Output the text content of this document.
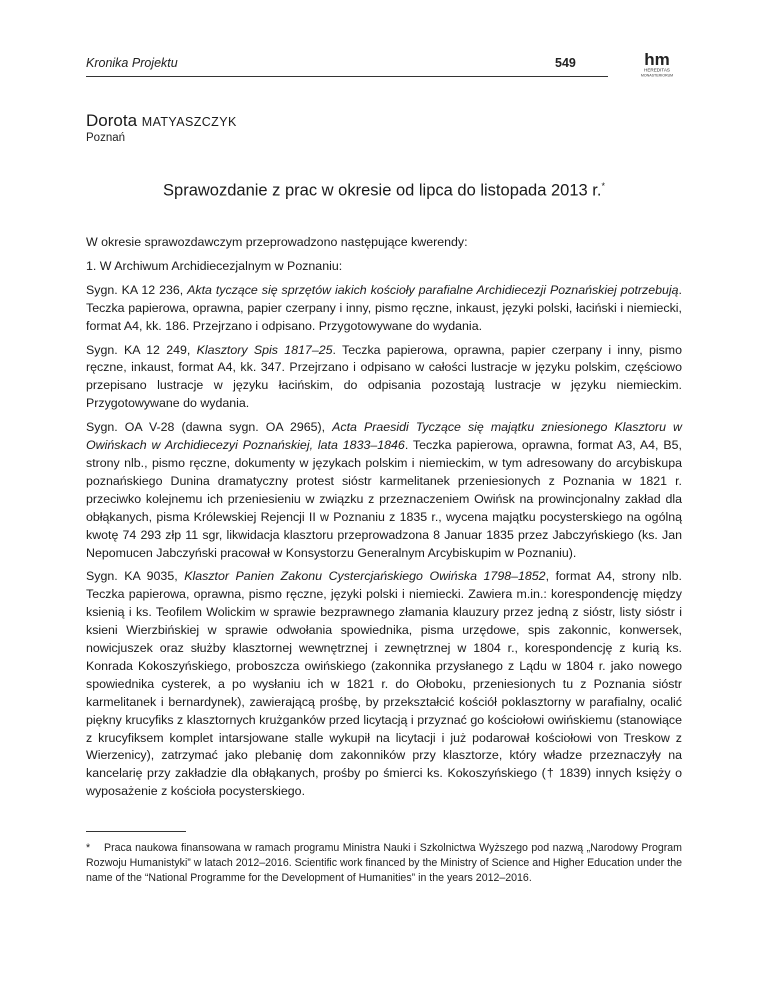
Kronika Projektu	549	hm
HEREDITAS
MONASTERIORUM
Dorota MATYASZCZYK
Poznań
Sprawozdanie z prac w okresie od lipca do listopada 2013 r.*

W okresie sprawozdawczym przeprowadzono następujące kwerendy:

1. W Archiwum Archidiecezjalnym w Poznaniu:

Sygn. KA 12 236, Akta tyczące się sprzętów iakich kościoły parafialne Archidiecezji Poznańskiej potrzebują. Teczka papierowa, oprawna, papier czerpany i inny, pismo ręczne, inkaust, języki polski, łaciński i niemiecki, format A4, kk. 186. Przejrzano i odpisano. Przygotowywane do wydania.

Sygn. KA 12 249, Klasztory Spis 1817–25. Teczka papierowa, oprawna, papier czerpany i inny, pismo ręczne, inkaust, format A4, kk. 347. Przejrzano i odpisano w całości lustracje w języku polskim, częściowo przepisano lustracje w języku łacińskim, do odpisania pozostają lustracje w języku niemieckim. Przygotowywane do wydania.

Sygn. OA V-28 (dawna sygn. OA 2965), Acta Praesidi Tyczące się majątku zniesionego Klasztoru w Owińskach w Archidiecezyi Poznańskiej, lata 1833–1846. Teczka papierowa, oprawna, format A3, A4, B5, strony nlb., pismo ręczne, dokumenty w językach polskim i niemieckim, w tym adresowany do arcybiskupa poznańskiego Dunina dramatyczny protest sióstr karmelitanek przeniesionych z Poznania w 1821 r. przeciwko kolejnemu ich przeniesieniu w związku z przeznaczeniem Owińsk na prowincjonalny zakład dla obłąkanych, pisma Królewskiej Rejencji II w Poznaniu z 1835 r., wycena majątku pocysterskiego na ogólną kwotę 74 293 złp 11 sgr, likwidacja klasztoru przeprowadzona 8 Januar 1835 przez Jabczyńskiego (ks. Jan Nepomucen Jabczyński pracował w Konsystorzu Generalnym Arcybiskupim w Poznaniu).

Sygn. KA 9035, Klasztor Panien Zakonu Cystercjańskiego Owińska 1798–1852, format A4, strony nlb. Teczka papierowa, oprawna, pismo ręczne, języki polski i niemiecki. Zawiera m.in.: korespondencję między ksienią i ks. Teofilem Wolickim w sprawie bezprawnego złamania klauzury przez jedną z sióstr, listy sióstr i ksieni Wierzbińskiej w sprawie odwołania spowiednika, pisma urzędowe, spis zakonnic, konwersek, nowicjuszek oraz służby klasztornej wewnętrznej i zewnętrznej w 1804 r., korespondencję z kurią ks. Konrada Kokoszyńskiego, proboszcza owińskiego (zakonnika przysłanego z Lądu w 1804 r. jako nowego spowiednika cysterek, a po wysłaniu ich w 1821 r. do Ołoboku, przeniesionych tu z Poznania sióstr karmelitanek i bernardynek), zawierającą prośbę, by przekształcić kościół poklasztorny w parafialny, ocalić piękny krucyfiks z klasztornych krużganków przed licytacją i przyznać go kościołowi owińskiemu (stanowiące z krucyfiksem komplet intarsjowane stalle wykupił na licytacji i już podarował kościołowi von Treskow z Wierzenicy), zatrzymać jako plebanię dom zakonników przy klasztorze, który władze przeznaczyły na kancelarię przy zakładzie dla obłąkanych, prośby po śmierci ks. Kokoszyńskiego († 1839) innych księży o wyposażenie z kościoła pocysterskiego.

* Praca naukowa finansowana w ramach programu Ministra Nauki i Szkolnictwa Wyższego pod nazwą „Narodowy Program Rozwoju Humanistyki” w latach 2012–2016. Scientific work financed by the Ministry of Science and Higher Education under the name of the “National Programme for the Development of Humanities” in the years 2012–2016.
